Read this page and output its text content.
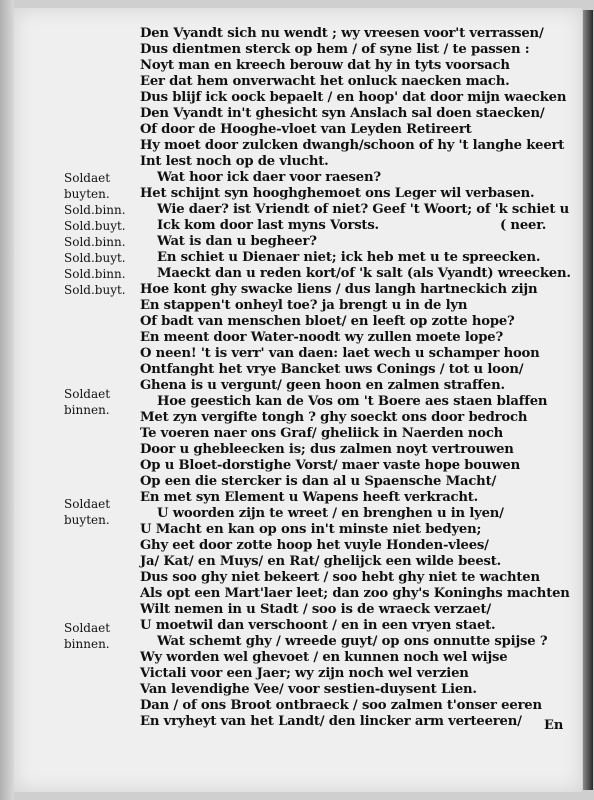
Den Vyandt sich nu wendt ; wy vreesen voor't verrassen/
Dus dientmen sterck op hem / of syne list / te passen :
Noyt man en kreech berouw dat hy in tyts voorsach
Eer dat hem onverwacht het onluck naecken mach.
Dus blijf ick oock bepaelt / en hoop' dat door mijn waecken
Den Vyandt in't ghesicht syn Anslach sal doen staecken/
Of door de Hooghe-vloet van Leyden Retireert
Hy moet door zulcken dwangh/schoon of hy 't langhe keert
Int lest noch op de vlucht.
Wat hoor ick daer voor raesen?
Het schijnt syn hooghghemoet ons Leger wil verbasen.
Wie daer? ist Vriendt of niet? Geef 't Woort; of 'k schiet u
Ick kom door last myns Vorsts.	( neer.
Wat is dan u begheer?
En schiet u Dienaer niet; ick heb met u te spreecken.
Maeckt dan u reden kort/of 'k salt (als Vyandt) wreecken.
Hoe kont ghy swacke liens / dus langh hartneckich zijn
En stappen't onheyl toe? ja brengt u in de lyn
Of badt van menschen bloet/ en leeft op zotte hope?
En meent door Water-noodt wy zullen moete lope?
O neen! 't is verr' van daen: laet wech u schamper hoon
Ontfanght het vrye Bancket uws Conings / tot u loon/
Ghena is u vergunt/ geen hoon en zalmen straffen.
Hoe geestich kan de Vos om 't Boere aes staen blaffen
Met zyn vergifte tongh ? ghy soeckt ons door bedroch
Te voeren naer ons Graf/ gheliick in Naerden noch
Door u ghebleecken is; dus zalmen noyt vertrouwen
Op u Bloet-dorstighe Vorst/ maer vaste hope bouwen
Op een die stercker is dan al u Spaensche Macht/
En met syn Element u Wapens heeft verkracht.
U woorden zijn te wreet / en brenghen u in lyen/
U Macht en kan op ons in't minste niet bedyen;
Ghy eet door zotte hoop het vuyle Honden-vlees/
Ja/ Kat/ en Muys/ en Rat/ ghelijck een wilde beest.
Dus soo ghy niet bekeert / soo hebt ghy niet te wachten
Als opt een Mart'laer leet; dan zoo ghy's Koninghs machten
Wilt nemen in u Stadt / soo is de wraeck verzaet/
U moetwil dan verschoont / en in een vryen staet.
Wat schemt ghy / wreede guyt/ op ons onnutte spijse ?
Wy worden wel ghevoet / en kunnen noch wel wijse
Victali voor een Jaer; wy zijn noch wel verzien
Van levendighe Vee/ voor sestien-duysent Lien.
Dan / of ons Broot ontbraeck / soo zalmen t'onser eeren
En vryheyt van het Landt/ den lincker arm verteeren/
Soldaet
buyten.
Sold.binn.
Sold.buyt.
Sold.binn.
Sold.buyt.
Sold.binn.
Sold.buyt.
Soldaet
binnen.
Soldaet
buyten.
Soldaet
binnen.
En
